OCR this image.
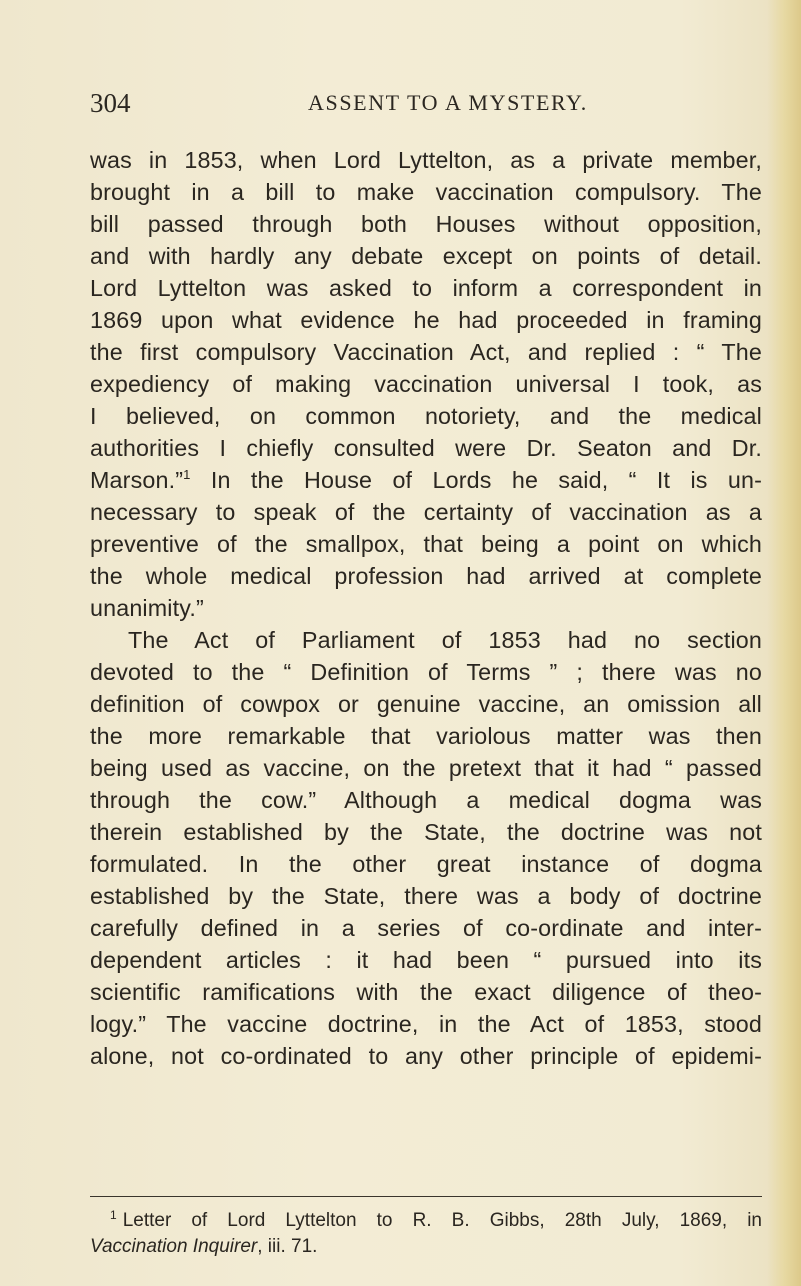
304	ASSENT TO A MYSTERY.
was in 1853, when Lord Lyttelton, as a private member,
brought in a bill to make vaccination compulsory. The
bill passed through both Houses without opposition,
and with hardly any debate except on points of detail.
Lord Lyttelton was asked to inform a correspondent in
1869 upon what evidence he had proceeded in framing
the first compulsory Vaccination Act, and replied : “ The
expediency of making vaccination universal I took, as
I believed, on common notoriety, and the medical
authorities I chiefly consulted were Dr. Seaton and Dr.
Marson.”$^1$ In the House of Lords he said, “ It is un-
necessary to speak of the certainty of vaccination as a
preventive of the smallpox, that being a point on which
the whole medical profession had arrived at complete
unanimity.”
The Act of Parliament of 1853 had no section
devoted to the “ Definition of Terms ” ; there was no
definition of cowpox or genuine vaccine, an omission all
the more remarkable that variolous matter was then
being used as vaccine, on the pretext that it had “ passed
through the cow.” Although a medical dogma was
therein established by the State, the doctrine was not
formulated. In the other great instance of dogma
established by the State, there was a body of doctrine
carefully defined in a series of co-ordinate and inter-
dependent articles : it had been “ pursued into its
scientific ramifications with the exact diligence of theo-
logy.” The vaccine doctrine, in the Act of 1853, stood
alone, not co-ordinated to any other principle of epidemi-
$^1$ Letter of Lord Lyttelton to R. B. Gibbs, 28th July, 1869, in
Vaccination Inquirer, iii. 71.
